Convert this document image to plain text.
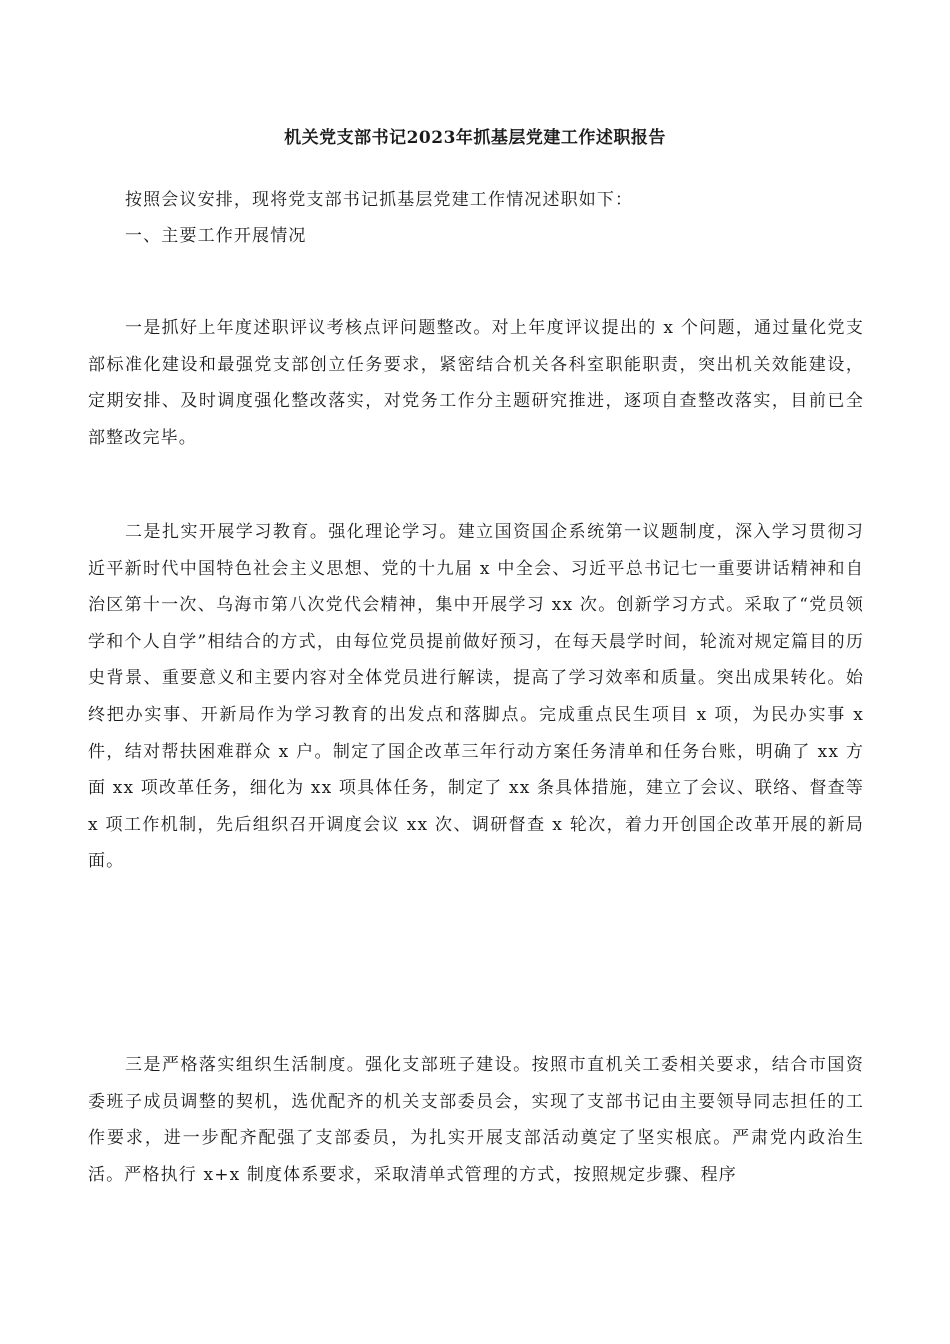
机关党支部书记2023年抓基层党建工作述职报告

按照会议安排，现将党支部书记抓基层党建工作情况述职如下：

一、主要工作开展情况

一是抓好上年度述职评议考核点评问题整改。对上年度评议提出的 x 个问题，通过量化党支部标准化建设和最强党支部创立任务要求，紧密结合机关各科室职能职责，突出机关效能建设，定期安排、及时调度强化整改落实，对党务工作分主题研究推进，逐项自查整改落实，目前已全部整改完毕。

二是扎实开展学习教育。强化理论学习。建立国资国企系统第一议题制度，深入学习贯彻习近平新时代中国特色社会主义思想、党的十九届 x 中全会、习近平总书记七一重要讲话精神和自治区第十一次、乌海市第八次党代会精神，集中开展学习 xx 次。创新学习方式。采取了“党员领学和个人自学”相结合的方式，由每位党员提前做好预习，在每天晨学时间，轮流对规定篇目的历史背景、重要意义和主要内容对全体党员进行解读，提高了学习效率和质量。突出成果转化。始终把办实事、开新局作为学习教育的出发点和落脚点。完成重点民生项目 x 项，为民办实事 x 件，结对帮扶困难群众 x 户。制定了国企改革三年行动方案任务清单和任务台账，明确了 xx 方面 xx 项改革任务，细化为 xx 项具体任务，制定了 xx 条具体措施，建立了会议、联络、督查等 x 项工作机制，先后组织召开调度会议 xx 次、调研督查 x 轮次，着力开创国企改革开展的新局面。

三是严格落实组织生活制度。强化支部班子建设。按照市直机关工委相关要求，结合市国资委班子成员调整的契机，选优配齐的机关支部委员会，实现了支部书记由主要领导同志担任的工作要求，进一步配齐配强了支部委员，为扎实开展支部活动奠定了坚实根底。严肃党内政治生活。严格执行 x+x 制度体系要求，采取清单式管理的方式，按照规定步骤、程序
